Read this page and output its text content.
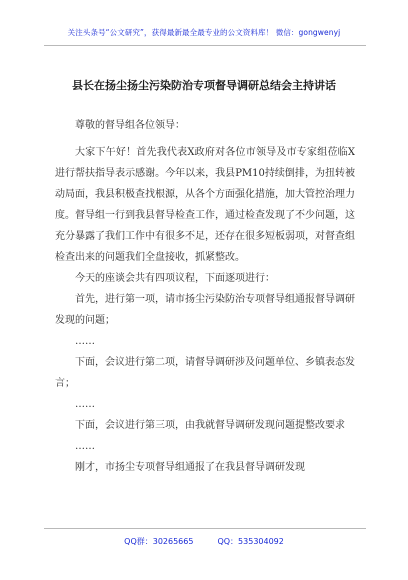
关注头条号“公文研究”，获得最新最全最专业的公文资料库！ 微信：gongwenyj
县长在扬尘扬尘污染防治专项督导调研总结会主持讲话

尊敬的督导组各位领导：

大家下午好！首先我代表X政府对各位市领导及市专家组莅临X进行帮扶指导表示感谢。今年以来，我县PM10持续倒排，为扭转被动局面，我县积极查找根源，从各个方面强化措施，加大管控治理力度。督导组一行到我县督导检查工作，通过检查发现了不少问题，这充分暴露了我们工作中有很多不足，还存在很多短板弱项，对督查组检查出来的问题我们全盘接收，抓紧整改。

今天的座谈会共有四项议程，下面逐项进行：

首先，进行第一项，请市扬尘污染防治专项督导组通报督导调研发现的问题；

……

下面，会议进行第二项，请督导调研涉及问题单位、乡镇表态发言；

……

下面，会议进行第三项，由我就督导调研发现问题提整改要求

……

刚才，市扬尘专项督导组通报了在我县督导调研发现

QQ群：30265665	QQ：535304092
